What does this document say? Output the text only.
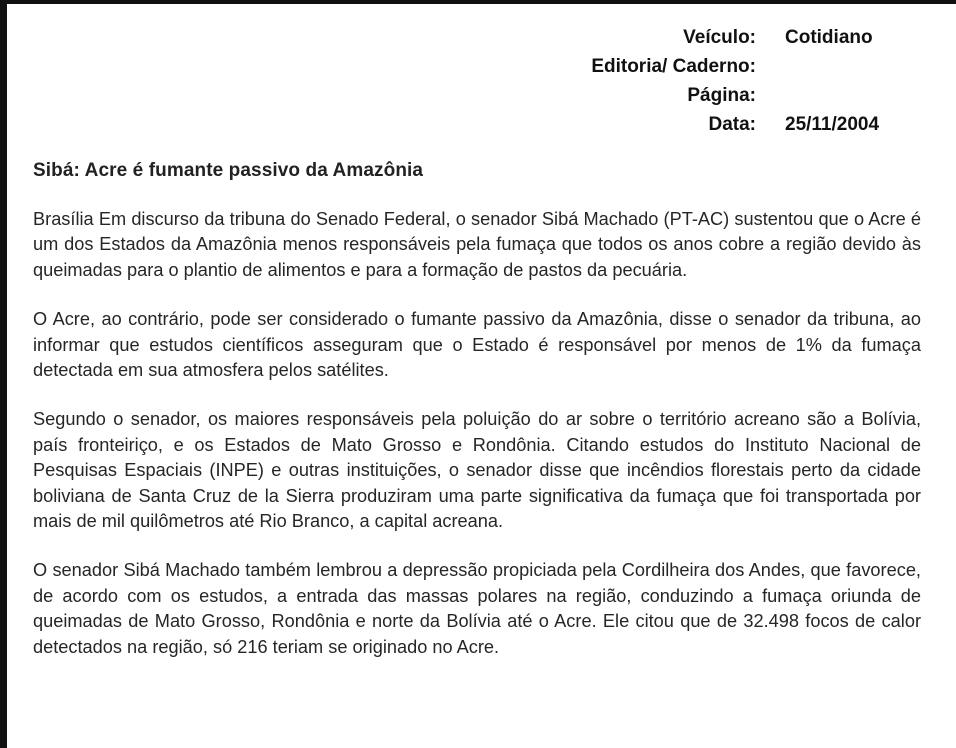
Veículo:	Cotidiano
Editoria/ Caderno:
Página:
Data:	25/11/2004
Sibá: Acre é fumante passivo da Amazônia

Brasília Em discurso da tribuna do Senado Federal, o senador Sibá Machado (PT-AC) sustentou que o Acre é um dos Estados da Amazônia menos responsáveis pela fumaça que todos os anos cobre a região devido às queimadas para o plantio de alimentos e para a formação de pastos da pecuária.

O Acre, ao contrário, pode ser considerado o fumante passivo da Amazônia, disse o senador da tribuna, ao informar que estudos científicos asseguram que o Estado é responsável por menos de 1% da fumaça detectada em sua atmosfera pelos satélites.

Segundo o senador, os maiores responsáveis pela poluição do ar sobre o território acreano são a Bolívia, país fronteiriço, e os Estados de Mato Grosso e Rondônia. Citando estudos do Instituto Nacional de Pesquisas Espaciais (INPE) e outras instituições, o senador disse que incêndios florestais perto da cidade boliviana de Santa Cruz de la Sierra produziram uma parte significativa da fumaça que foi transportada por mais de mil quilômetros até Rio Branco, a capital acreana.

O senador Sibá Machado também lembrou a depressão propiciada pela Cordilheira dos Andes, que favorece, de acordo com os estudos, a entrada das massas polares na região, conduzindo a fumaça oriunda de queimadas de Mato Grosso, Rondônia e norte da Bolívia até o Acre. Ele citou que de 32.498 focos de calor detectados na região, só 216 teriam se originado no Acre.
